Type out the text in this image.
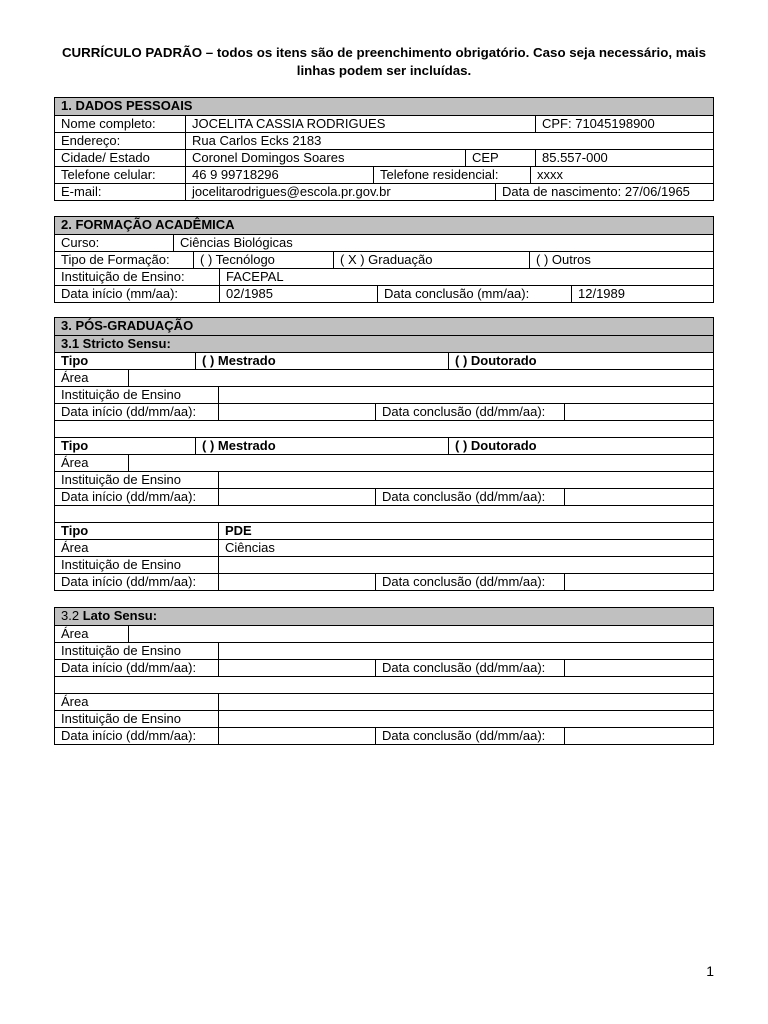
CURRÍCULO PADRÃO – todos os itens são de preenchimento obrigatório. Caso seja necessário, mais linhas podem ser incluídas.
1. DADOS PESSOAIS
Nome completo:	JOCELITA CASSIA RODRIGUES	CPF: 71045198900
Endereço:	Rua Carlos Ecks 2183
Cidade/ Estado	Coronel Domingos Soares	CEP	85.557-000
Telefone celular:	46 9 99718296	Telefone residencial:	xxxx
E-mail:	jocelitarodrigues@escola.pr.gov.br	Data de nascimento: 27/06/1965
2. FORMAÇÃO ACADÊMICA
Curso:	Ciências Biológicas
Tipo de Formação:	( ) Tecnólogo	( X ) Graduação	( ) Outros
Instituição de Ensino:	FACEPAL
Data início (mm/aa):	02/1985	Data conclusão (mm/aa):	12/1989
3. PÓS-GRADUAÇÃO
3.1 Stricto Sensu:
Tipo	( ) Mestrado	( ) Doutorado
Área
Instituição de Ensino
Data início (dd/mm/aa):	Data conclusão (dd/mm/aa):
Tipo	( ) Mestrado	( ) Doutorado
Área
Instituição de Ensino
Data início (dd/mm/aa):	Data conclusão (dd/mm/aa):
Tipo	PDE
Área	Ciências
Instituição de Ensino
Data início (dd/mm/aa):	Data conclusão (dd/mm/aa):
3.2 Lato Sensu:
Área
Instituição de Ensino
Data início (dd/mm/aa):	Data conclusão (dd/mm/aa):
Área
Instituição de Ensino
Data início (dd/mm/aa):	Data conclusão (dd/mm/aa):
1
